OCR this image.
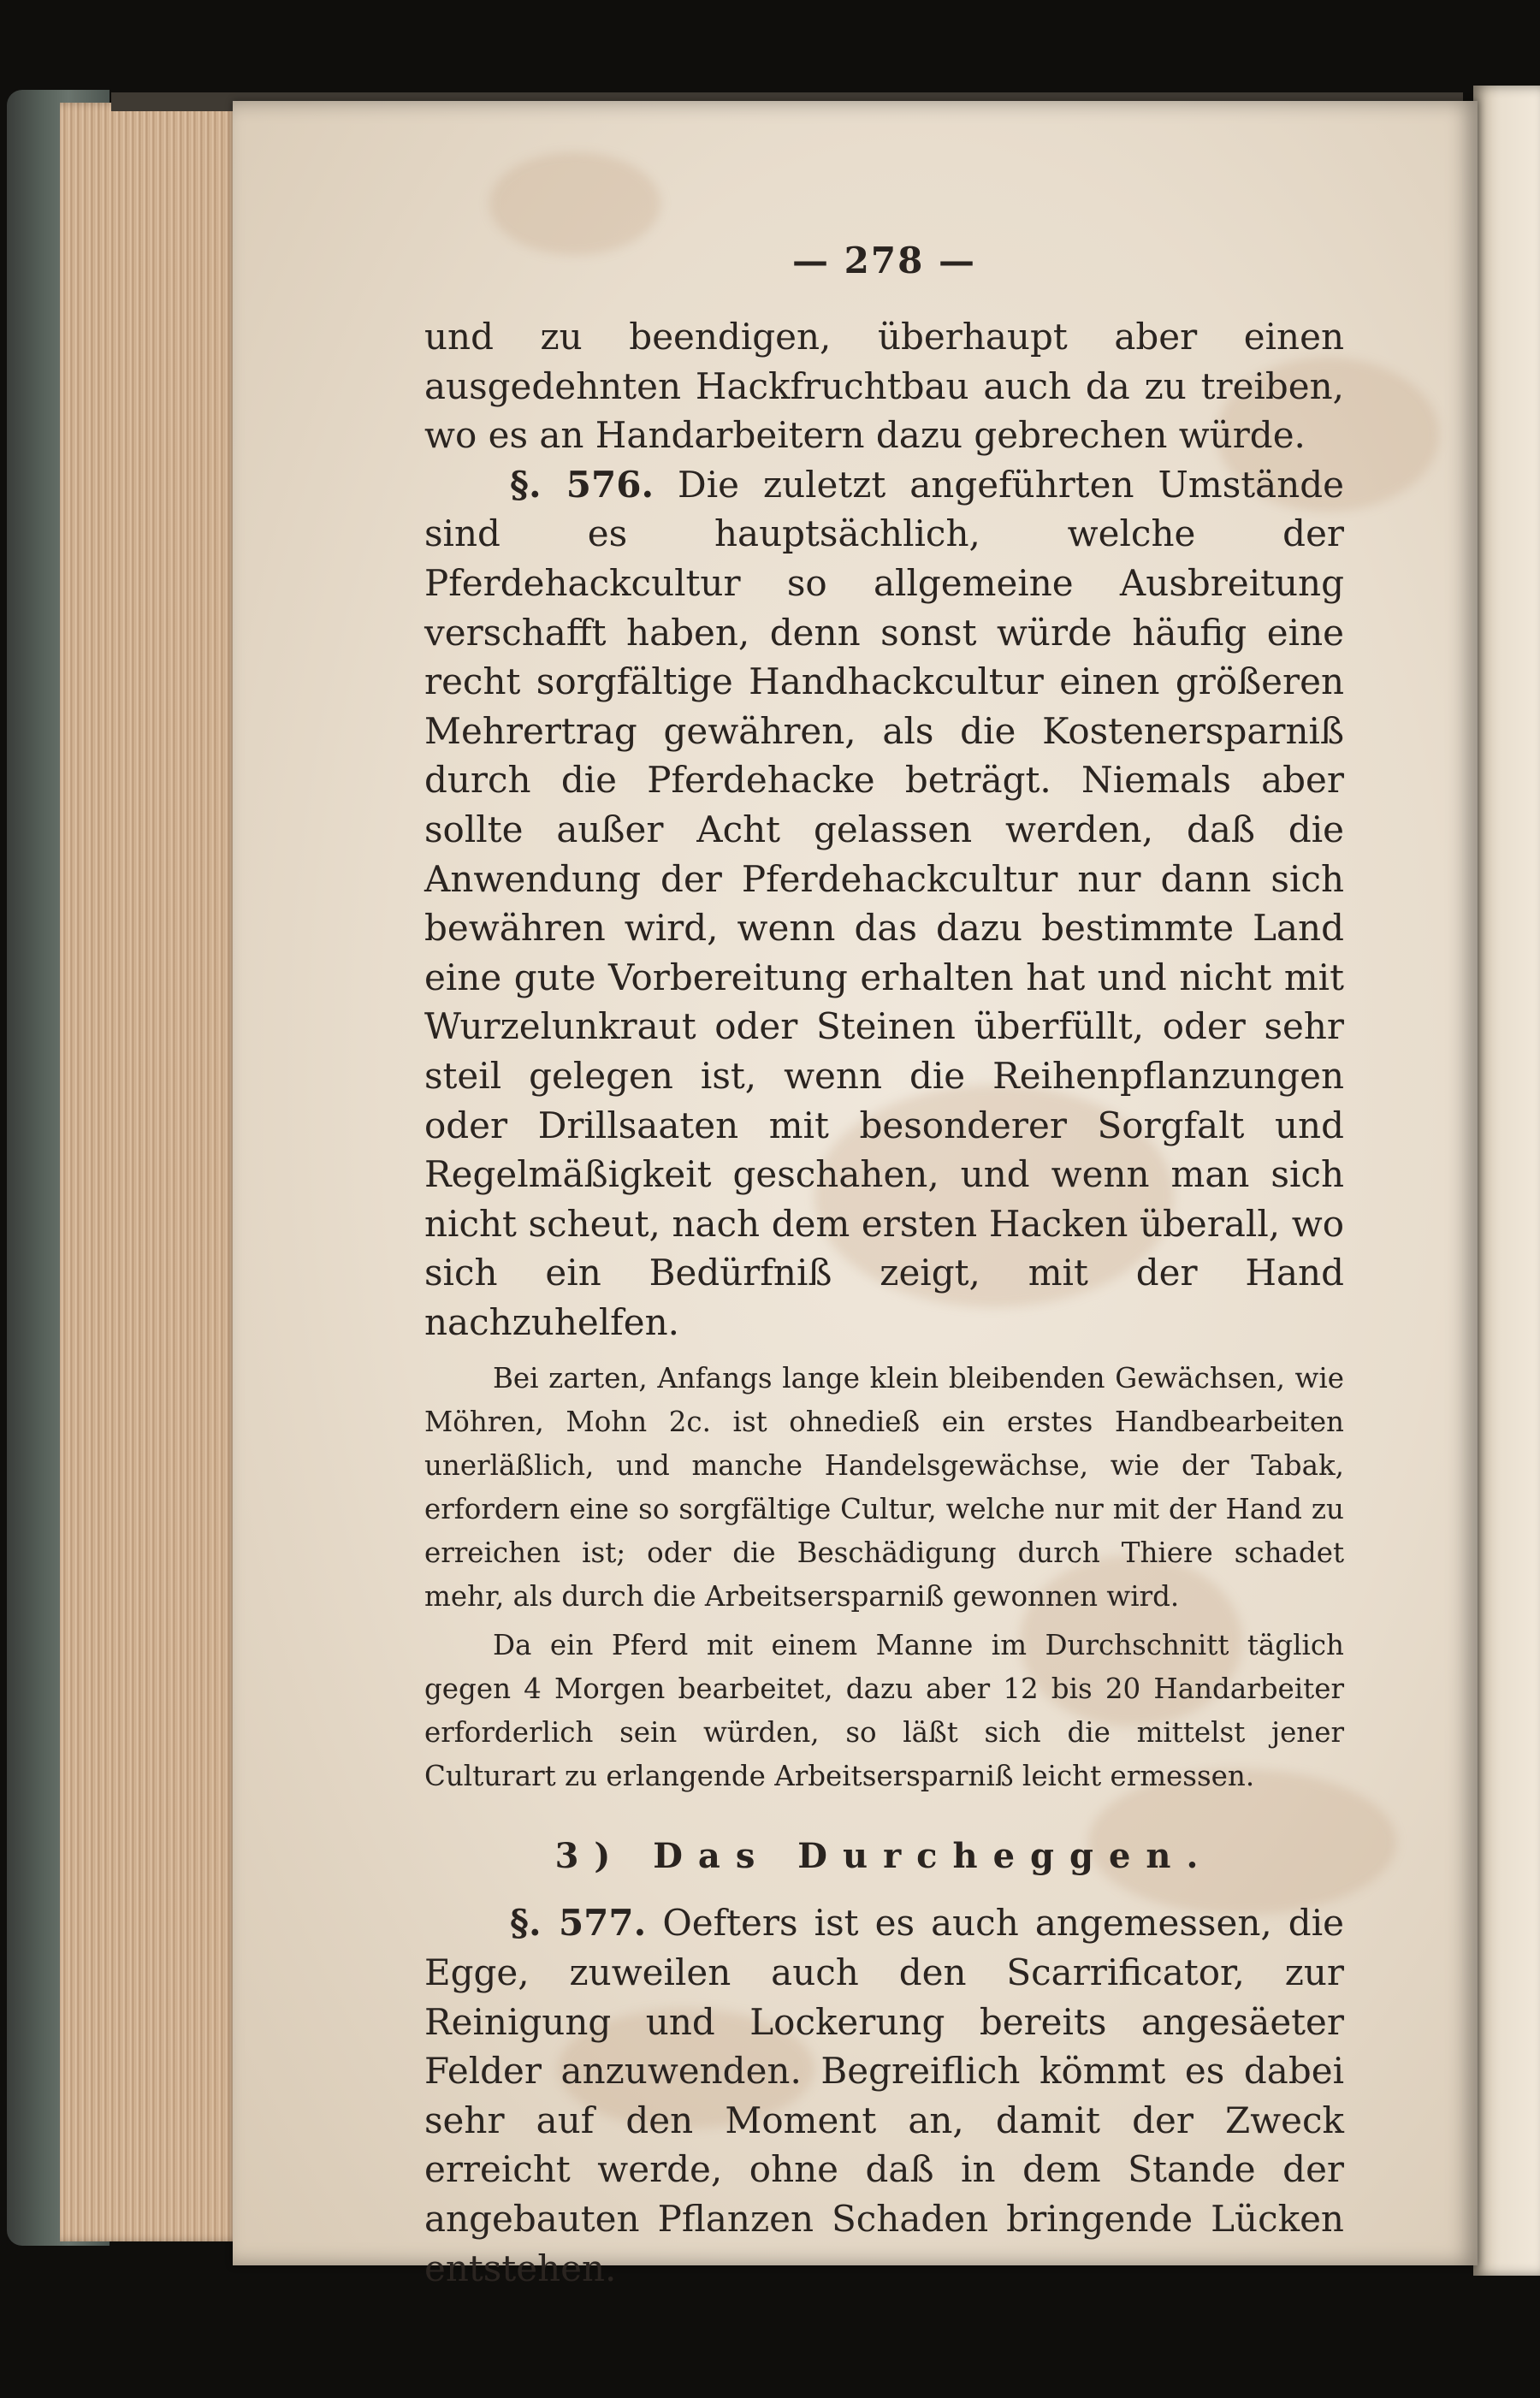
— 278 —

und zu beendigen, überhaupt aber einen ausgedehnten Hackfruchtbau auch da zu treiben, wo es an Handarbeitern dazu gebrechen würde.

§. 576. Die zuletzt angeführten Umstände sind es hauptsächlich, welche der Pferdehackcultur so allgemeine Ausbreitung verschafft haben, denn sonst würde häufig eine recht sorgfältige Handhackcultur einen größeren Mehrertrag gewähren, als die Kostenersparniß durch die Pferdehacke beträgt. Niemals aber sollte außer Acht gelassen werden, daß die Anwendung der Pferdehackcultur nur dann sich bewähren wird, wenn das dazu bestimmte Land eine gute Vorbereitung erhalten hat und nicht mit Wurzelunkraut oder Steinen überfüllt, oder sehr steil gelegen ist, wenn die Reihenpflanzungen oder Drillsaaten mit besonderer Sorgfalt und Regelmäßigkeit geschahen, und wenn man sich nicht scheut, nach dem ersten Hacken überall, wo sich ein Bedürfniß zeigt, mit der Hand nachzuhelfen.

Bei zarten, Anfangs lange klein bleibenden Gewächsen, wie Möhren, Mohn 2c. ist ohnedieß ein erstes Handbearbeiten unerläßlich, und manche Handelsgewächse, wie der Tabak, erfordern eine so sorgfältige Cultur, welche nur mit der Hand zu erreichen ist; oder die Beschädigung durch Thiere schadet mehr, als durch die Arbeitsersparniß gewonnen wird.

Da ein Pferd mit einem Manne im Durchschnitt täglich gegen 4 Morgen bearbeitet, dazu aber 12 bis 20 Handarbeiter erforderlich sein würden, so läßt sich die mittelst jener Culturart zu erlangende Arbeitsersparniß leicht ermessen.

3) Das Durcheggen.

§. 577. Oefters ist es auch angemessen, die Egge, zuweilen auch den Scarrificator, zur Reinigung und Lockerung bereits angesäeter Felder anzuwenden. Begreiflich kömmt es dabei sehr auf den Moment an, damit der Zweck erreicht werde, ohne daß in dem Stande der angebauten Pflanzen Schaden bringende Lücken entstehen.
